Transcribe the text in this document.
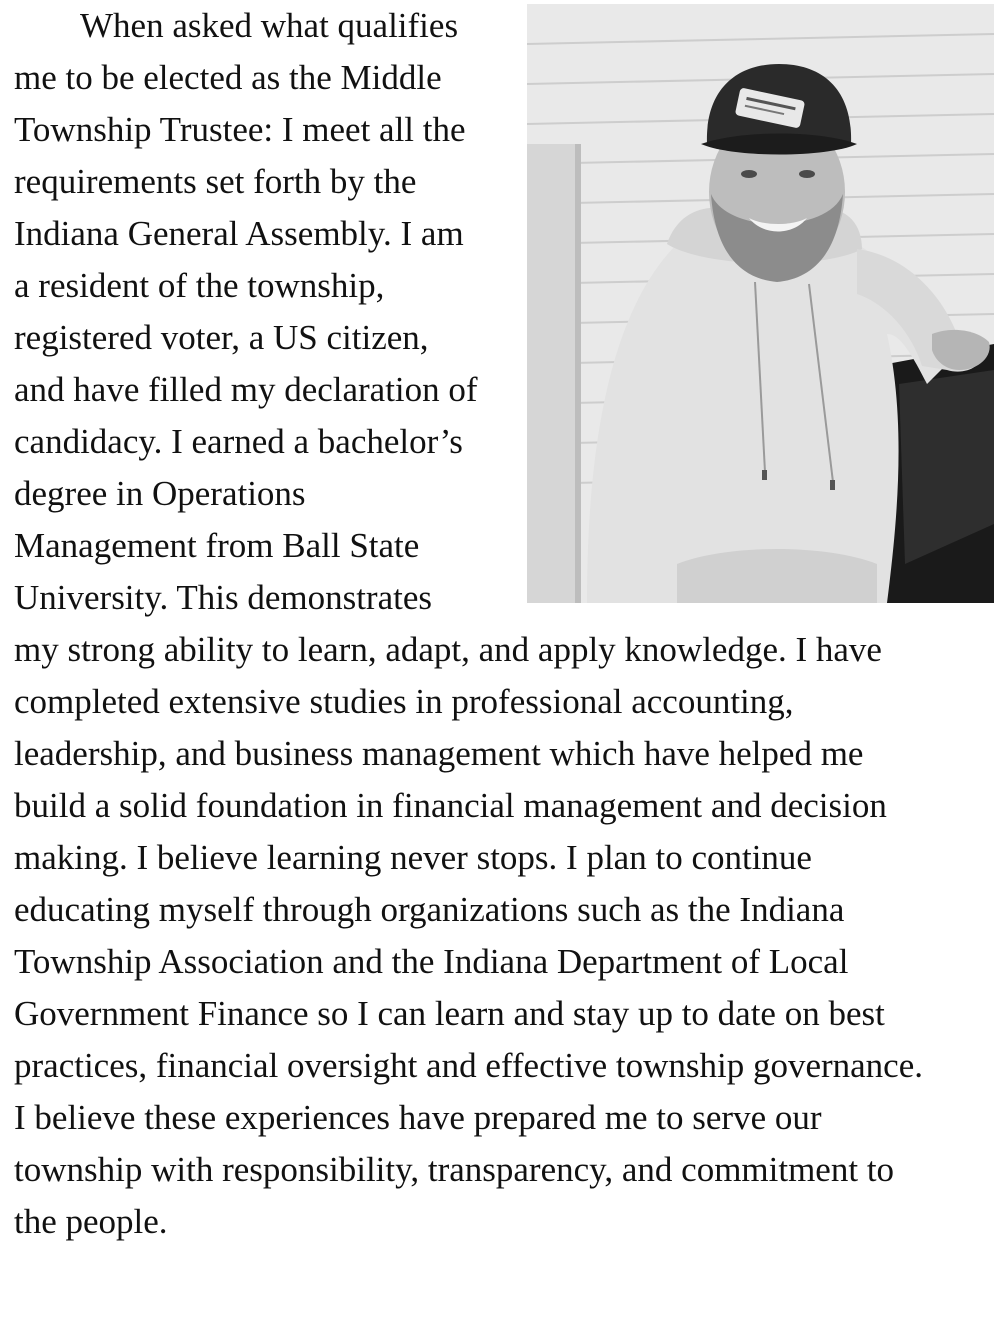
When asked what qualifies
me to be elected as the Middle
Township Trustee: I meet all the
requirements set forth by the
Indiana General Assembly. I am
a resident of the township,
registered voter, a US citizen,
and have filled my declaration of
candidacy. I earned a bachelor’s
degree in Operations
Management from Ball State
University. This demonstrates
my strong ability to learn, adapt, and apply knowledge. I have
completed extensive studies in professional accounting,
leadership, and business management which have helped me
build a solid foundation in financial management and decision
making. I believe learning never stops. I plan to continue
educating myself through organizations such as the Indiana
Township Association and the Indiana Department of Local
Government Finance so I can learn and stay up to date on best
practices, financial oversight and effective township governance.
I believe these experiences have prepared me to serve our
township with responsibility, transparency, and commitment to
the people.
